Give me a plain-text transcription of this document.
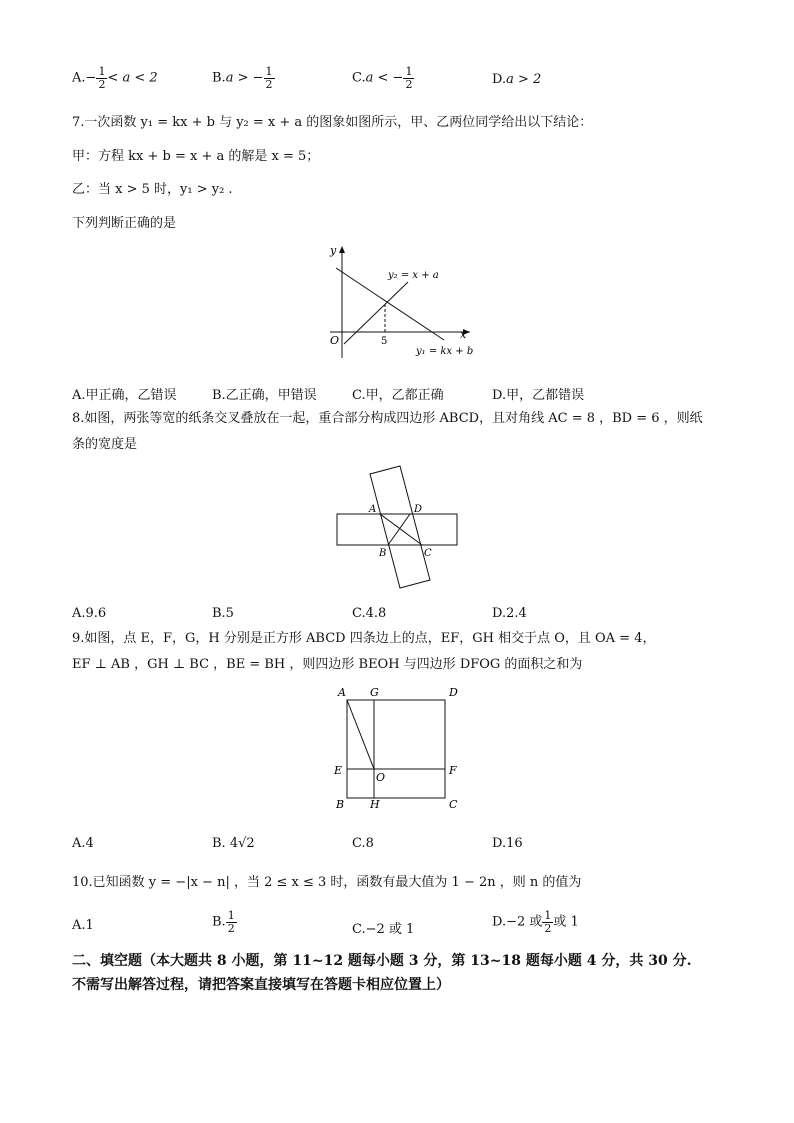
$A.- \frac{1}{2} < a < 2$	B.a > − $\frac{1}{2}$	C.a < − $\frac{1}{2}$	D.a > 2
7.一次函数 y₁ = kx + b 与 y₂ = x + a 的图象如图所示，甲、乙两位同学给出以下结论：
甲：方程 kx + b = x + a 的解是 x = 5；
乙：当 x > 5 时，y₁ > y₂ .
下列判断正确的是
y
x
O	5
y₂ = x + a
y₁ = kx + b
A.甲正确，乙错误	B.乙正确，甲错误	C.甲，乙都正确	D.甲，乙都错误
8.如图，两张等宽的纸条交叉叠放在一起，重合部分构成四边形 ABCD，且对角线 AC = 8 ，BD = 6 ，则纸
条的宽度是
A	D
B	C
A.9.6	B.5	C.4.8	D.2.4
9.如图，点 E，F，G，H 分别是正方形 ABCD 四条边上的点，EF，GH 相交于点 O，且 OA = 4，
EF ⊥ AB ，GH ⊥ BC ，BE = BH ，则四边形 BEOH 与四边形 DFOG 的面积之和为
A G	D
E
O
F
B H	C
A.4	B. 4√2	C.8	D.16
10.已知函数 y = −|x − n| ，当 2 ≤ x ≤ 3 时，函数有最大值为 1 − 2n ，则 n 的值为
A.1	B. $\frac{1}{2}$	C.−2 或 1	D.−2 或 $\frac{1}{2}$ 或 1
二、填空题（本大题共 8 小题，第 11~12 题每小题 3 分，第 13~18 题每小题 4 分，共 30 分.
不需写出解答过程，请把答案直接填写在答题卡相应位置上）
